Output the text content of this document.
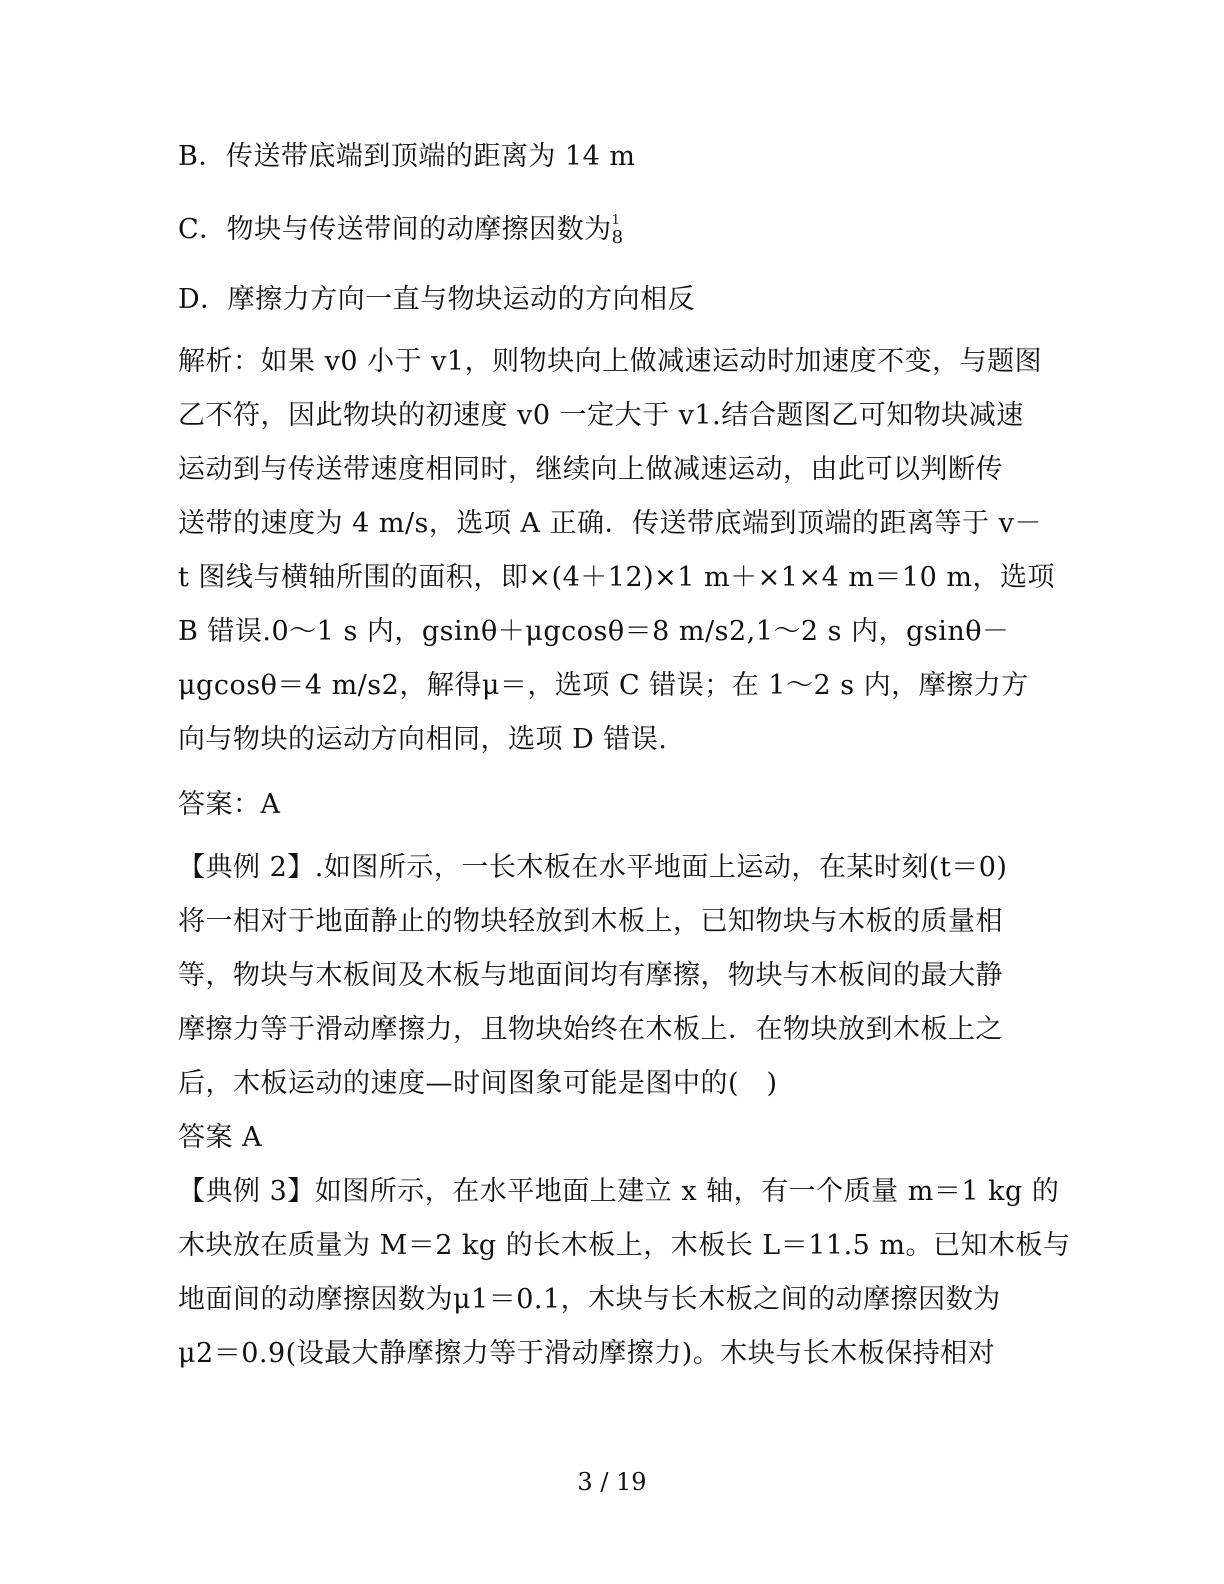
B．传送带底端到顶端的距离为 14 m
C．物块与传送带间的动摩擦因数为 1
8
D．摩擦力方向一直与物块运动的方向相反
解析：如果 v0 小于 v1，则物块向上做减速运动时加速度不变，与题图
乙不符，因此物块的初速度 v0 一定大于 v1.结合题图乙可知物块减速
运动到与传送带速度相同时，继续向上做减速运动，由此可以判断传
送带的速度为 4 m/s，选项 A 正确．传送带底端到顶端的距离等于 v－
t 图线与横轴所围的面积，即×(4＋12)×1 m＋×1×4 m＝10 m，选项
B 错误.0～1 s 内，gsinθ＋μgcosθ＝8 m/s2,1～2 s 内，gsinθ－
μgcosθ＝4 m/s2，解得μ＝，选项 C 错误；在 1～2 s 内，摩擦力方
向与物块的运动方向相同，选项 D 错误.
答案：A
【典例 2】.如图所示，一长木板在水平地面上运动，在某时刻(t＝0)
将一相对于地面静止的物块轻放到木板上，已知物块与木板的质量相
等，物块与木板间及木板与地面间均有摩擦，物块与木板间的最大静
摩擦力等于滑动摩擦力，且物块始终在木板上．在物块放到木板上之
后，木板运动的速度—时间图象可能是图中的(　)
答案 A
【典例 3】如图所示，在水平地面上建立 x 轴，有一个质量 m＝1 kg 的
木块放在质量为 M＝2 kg 的长木板上，木板长 L＝11.5 m。已知木板与
地面间的动摩擦因数为μ1＝0.1，木块与长木板之间的动摩擦因数为
μ2＝0.9(设最大静摩擦力等于滑动摩擦力)。木块与长木板保持相对
3 / 19
